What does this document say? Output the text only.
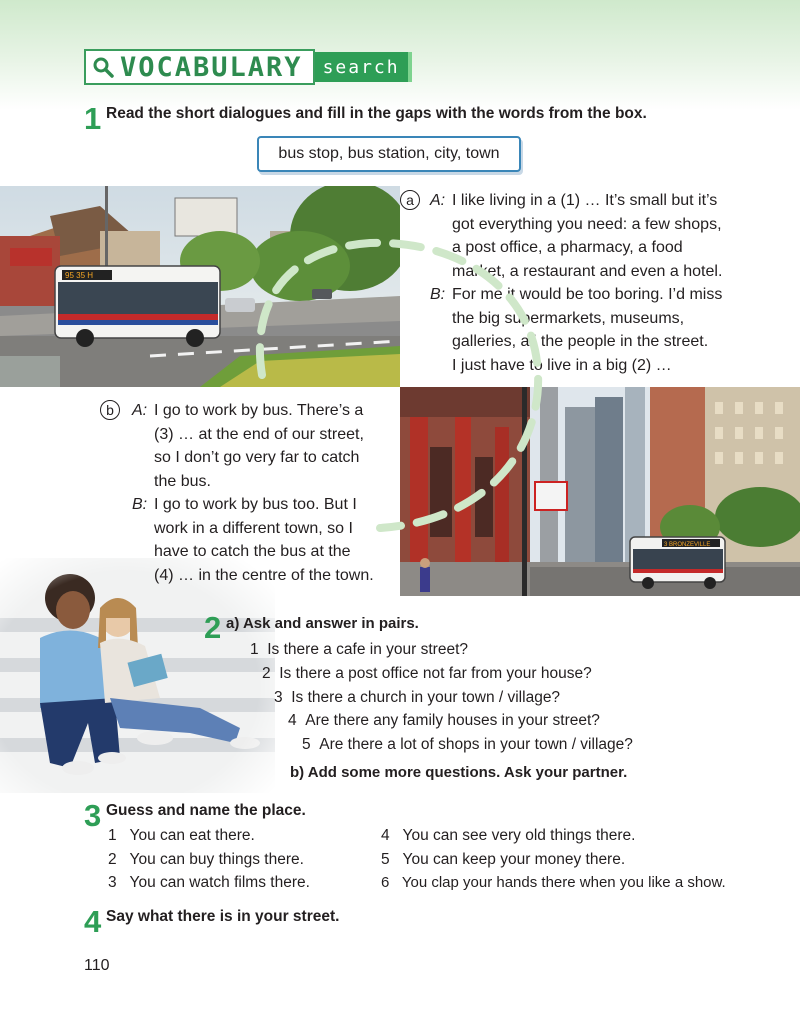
VOCABULARY	search
1 Read the short dialogues and fill in the gaps with the words from the box.
bus stop, bus station, city, town
95 35 H
a	A: I like living in a (1) … It’s small but it’s
got everything you need: a few shops,
a post office, a pharmacy, a food
market, a restaurant and even a hotel.
B: For me it would be too boring. I’d miss
the big supermarkets, museums,
galleries, all the people in the street.
I just have to live in a big (2) …
3 BRONZEVILLE
b	A: I go to work by bus. There’s a
(3) … at the end of our street,
so I don’t go very far to catch
the bus.
B: I go to work by bus too. But I
work in a different town, so I
have to catch the bus at the
(4) … in the centre of the town.
2 a) Ask and answer in pairs.
1 Is there a cafe in your street?
2 Is there a post office not far from your house?
3 Is there a church in your town / village?
4 Are there any family houses in your street?
5 Are there a lot of shops in your town / village?
b) Add some more questions. Ask your partner.
3 Guess and name the place.
1 You can eat there.
2 You can buy things there.
3 You can watch films there.
4 You can see very old things there.
5 You can keep your money there.
6 You clap your hands there when you like a show.
4 Say what there is in your street.
110
